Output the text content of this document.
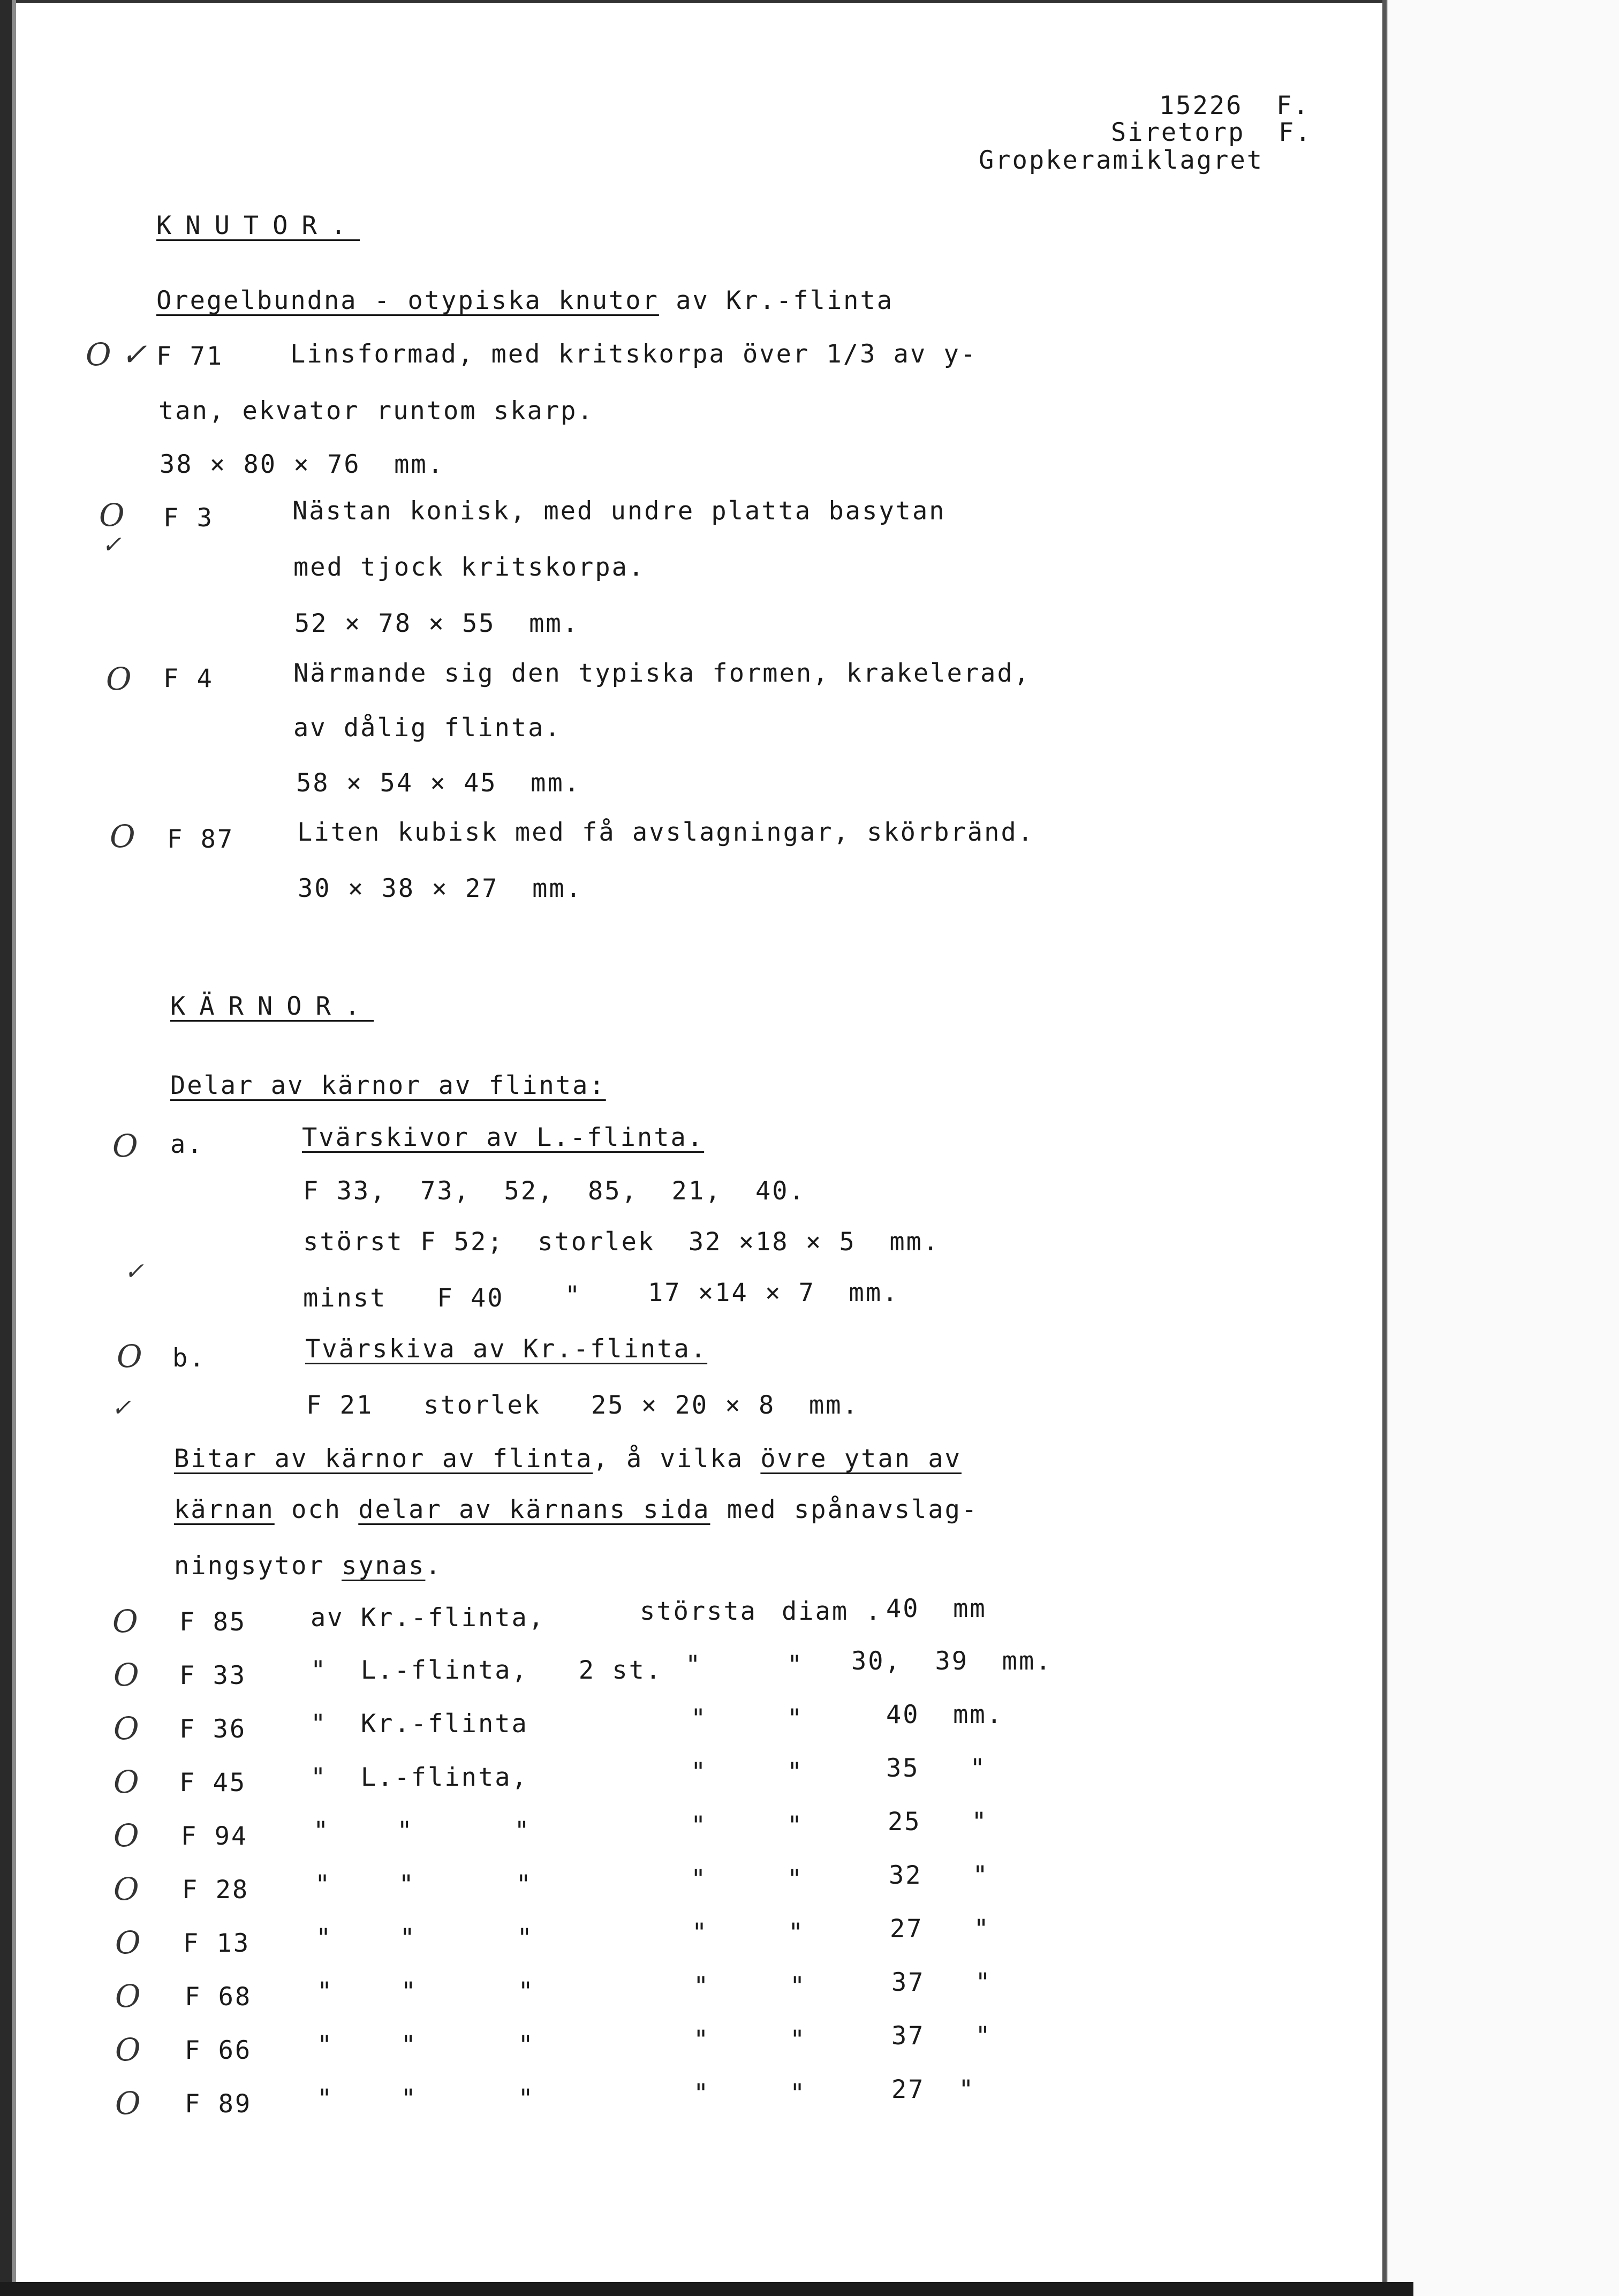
15226  F.
Siretorp  F.
Gropkeramiklagret
KNUTOR.
Oregelbundna - otypiska knutor av Kr.-flinta
O ✓ F 71	Linsformad, med kritskorpa över 1/3 av y-
tan, ekvator runtom skarp.
38 × 80 × 76  mm.
O
✓
F 3	Nästan konisk, med undre platta basytan
med tjock kritskorpa.
52 × 78 × 55  mm.
O F 4	Närmande sig den typiska formen, krakelerad,
av dålig flinta.
58 × 54 × 45  mm.
O F 87	Liten kubisk med få avslagningar, skörbränd.
30 × 38 × 27  mm.
KÄRNOR.
Delar av kärnor av flinta:
O a.	Tvärskivor av L.-flinta.
F 33,  73,  52,  85,  21,  40.
störst F 52;  storlek  32 ×18 × 5  mm.
✓
minst   F 40 "	17 ×14 × 7  mm.
O b.	Tvärskiva av Kr.-flinta.
✓	F 21   storlek   25 × 20 × 8  mm.
Bitar av kärnor av flinta, å vilka övre ytan av
kärnan och delar av kärnans sida med spånavslag-
ningsytor synas.
O F 85	av Kr.-flinta,	största diam . 40  mm
O F 33	"  L.-flinta,   2 st. "	" 30,  39  mm.
O F 36	"  Kr.-flinta	"	"	40  mm.
O F 45	"  L.-flinta,	"	"	35   "
O F 94	"    "      "	"	"	25   "
O F 28	"    "      "	"	"	32   "
O F 13	"    "      "	"	"	27   "
O F 68	"    "      "	"	"	37   "
O F 66	"    "      "	"	"	37   "
O F 89	"    "      "	"	"	27  "
